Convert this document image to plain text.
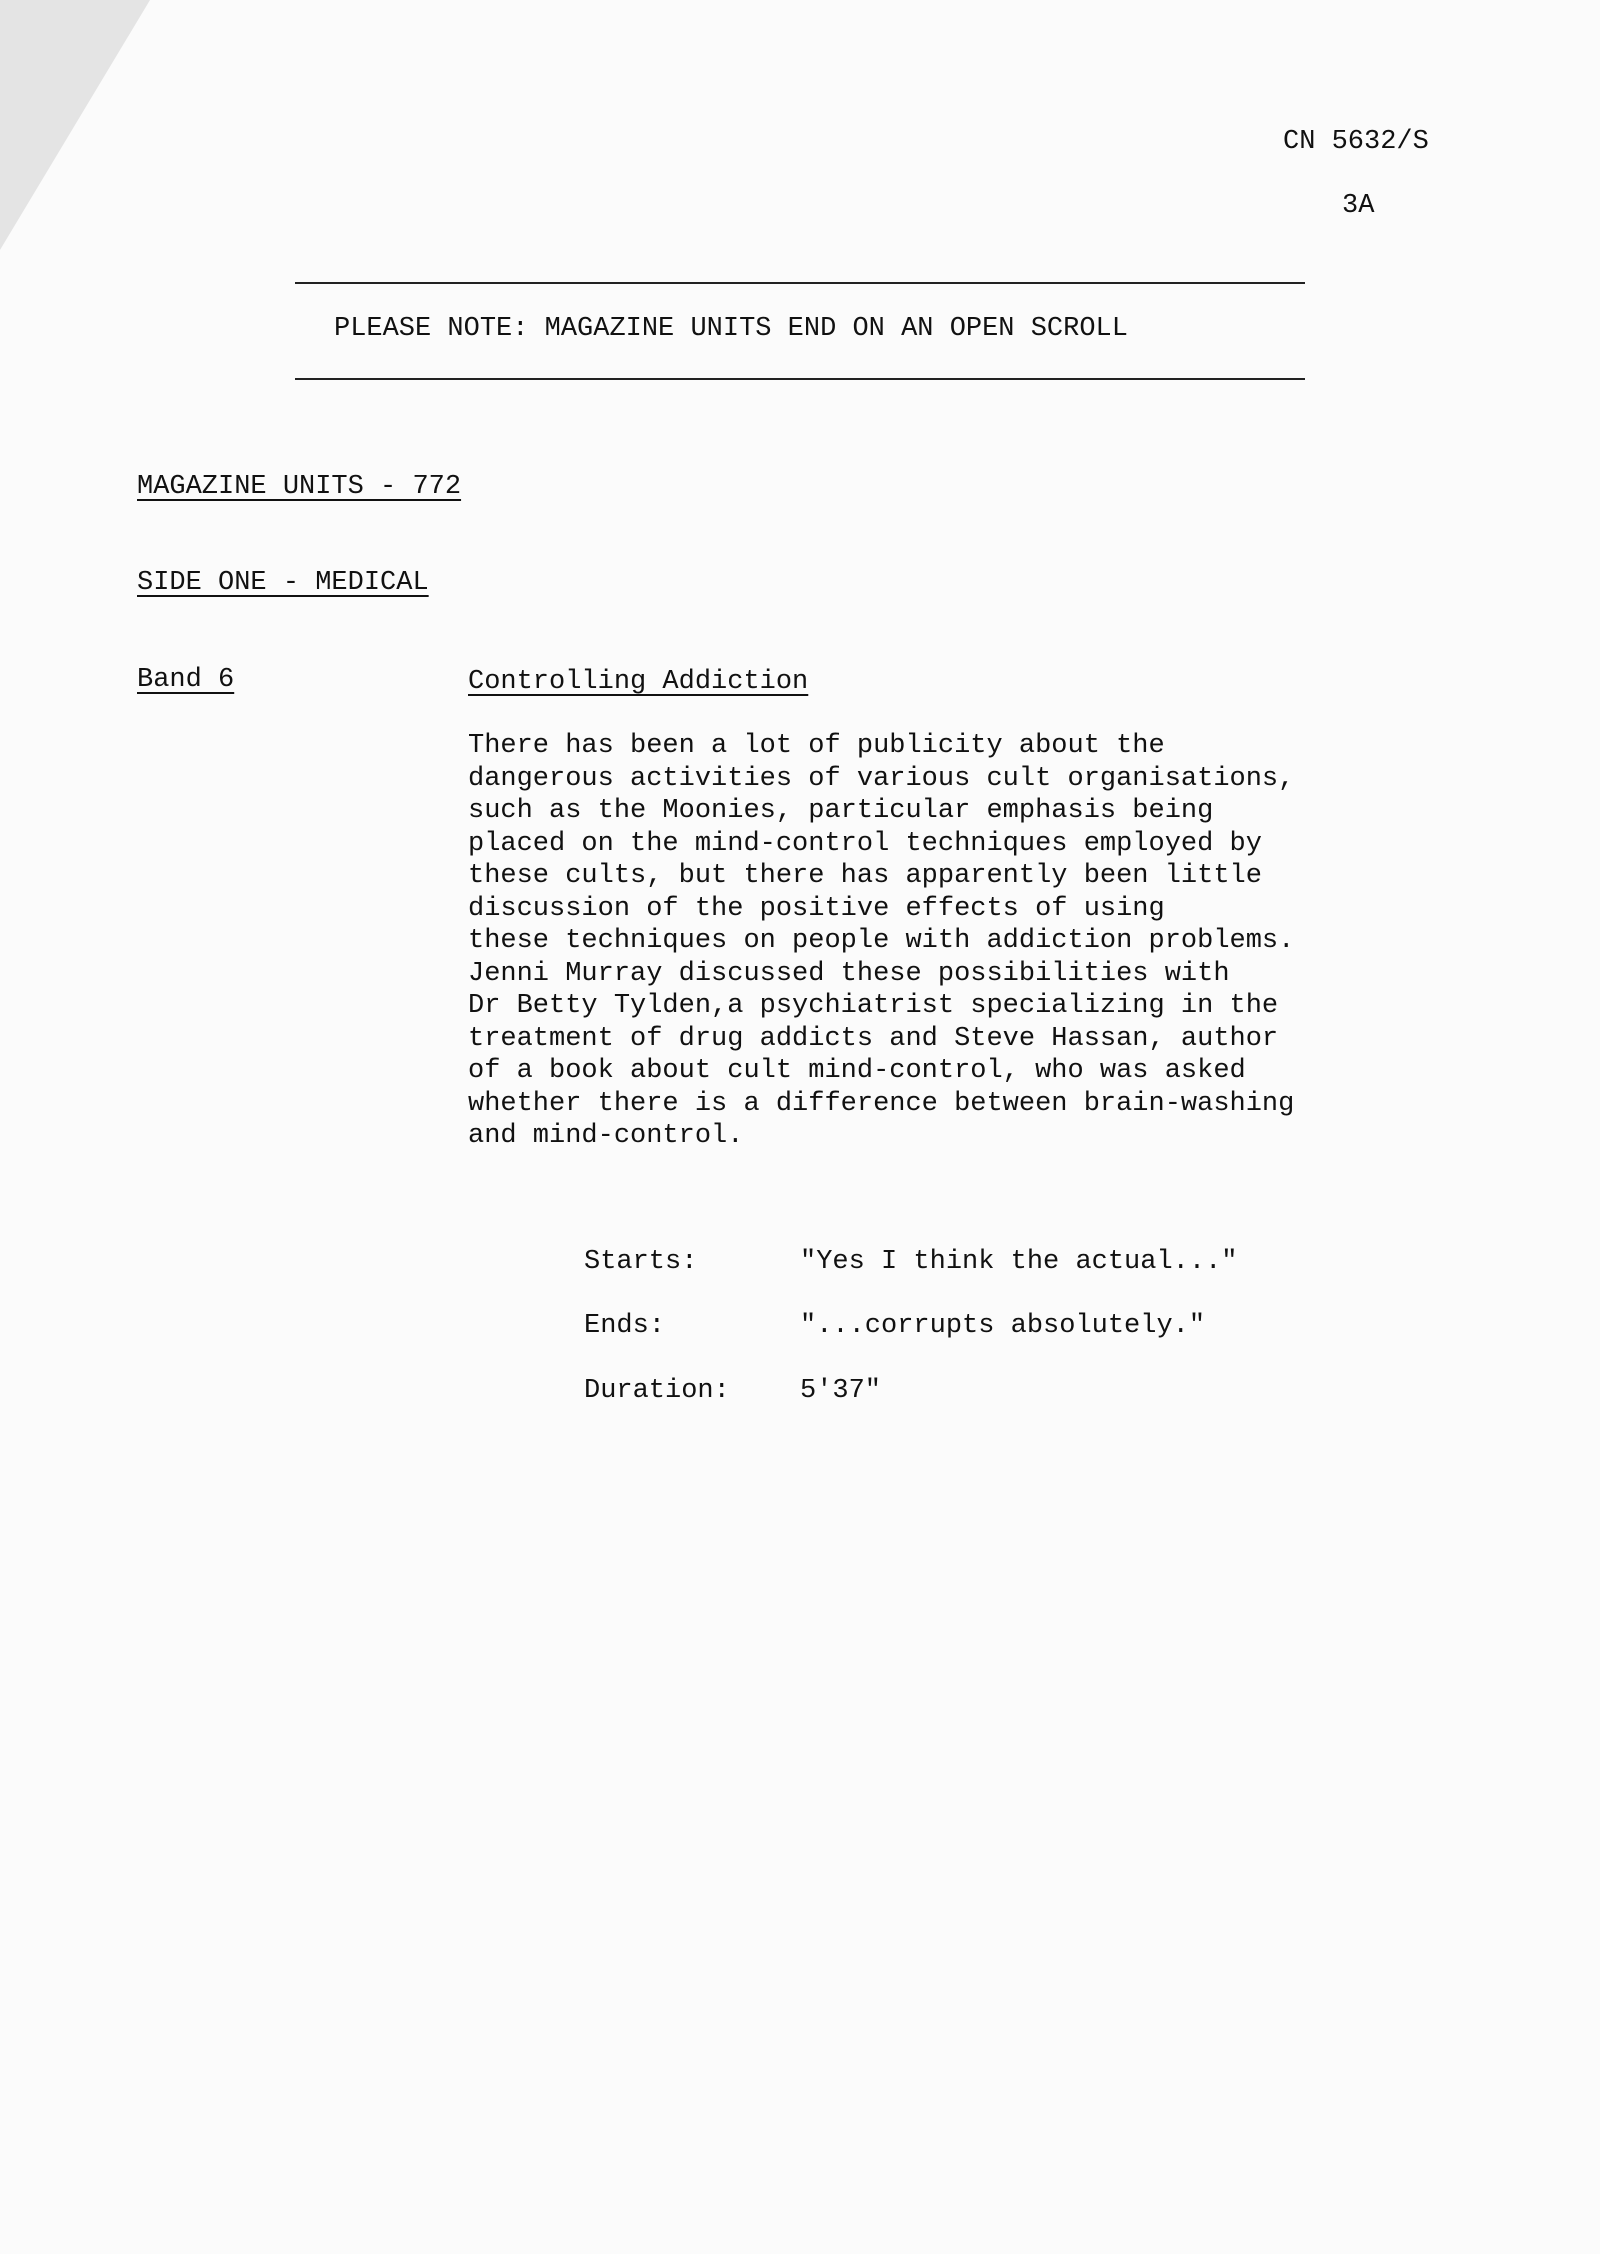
CN 5632/S
3A
PLEASE NOTE: MAGAZINE UNITS END ON AN OPEN SCROLL
MAGAZINE UNITS - 772
SIDE ONE - MEDICAL
Band 6	Controlling Addiction
There has been a lot of publicity about the
dangerous activities of various cult organisations,
such as the Moonies, particular emphasis being
placed on the mind-control techniques employed by
these cults, but there has apparently been little
discussion of the positive effects of using
these techniques on people with addiction problems.
Jenni Murray discussed these possibilities with
Dr Betty Tylden,a psychiatrist specializing in the
treatment of drug addicts and Steve Hassan, author
of a book about cult mind-control, who was asked
whether there is a difference between brain-washing
and mind-control.
Starts:	"Yes I think the actual..."
Ends:	"...corrupts absolutely."
Duration:	5'37"
